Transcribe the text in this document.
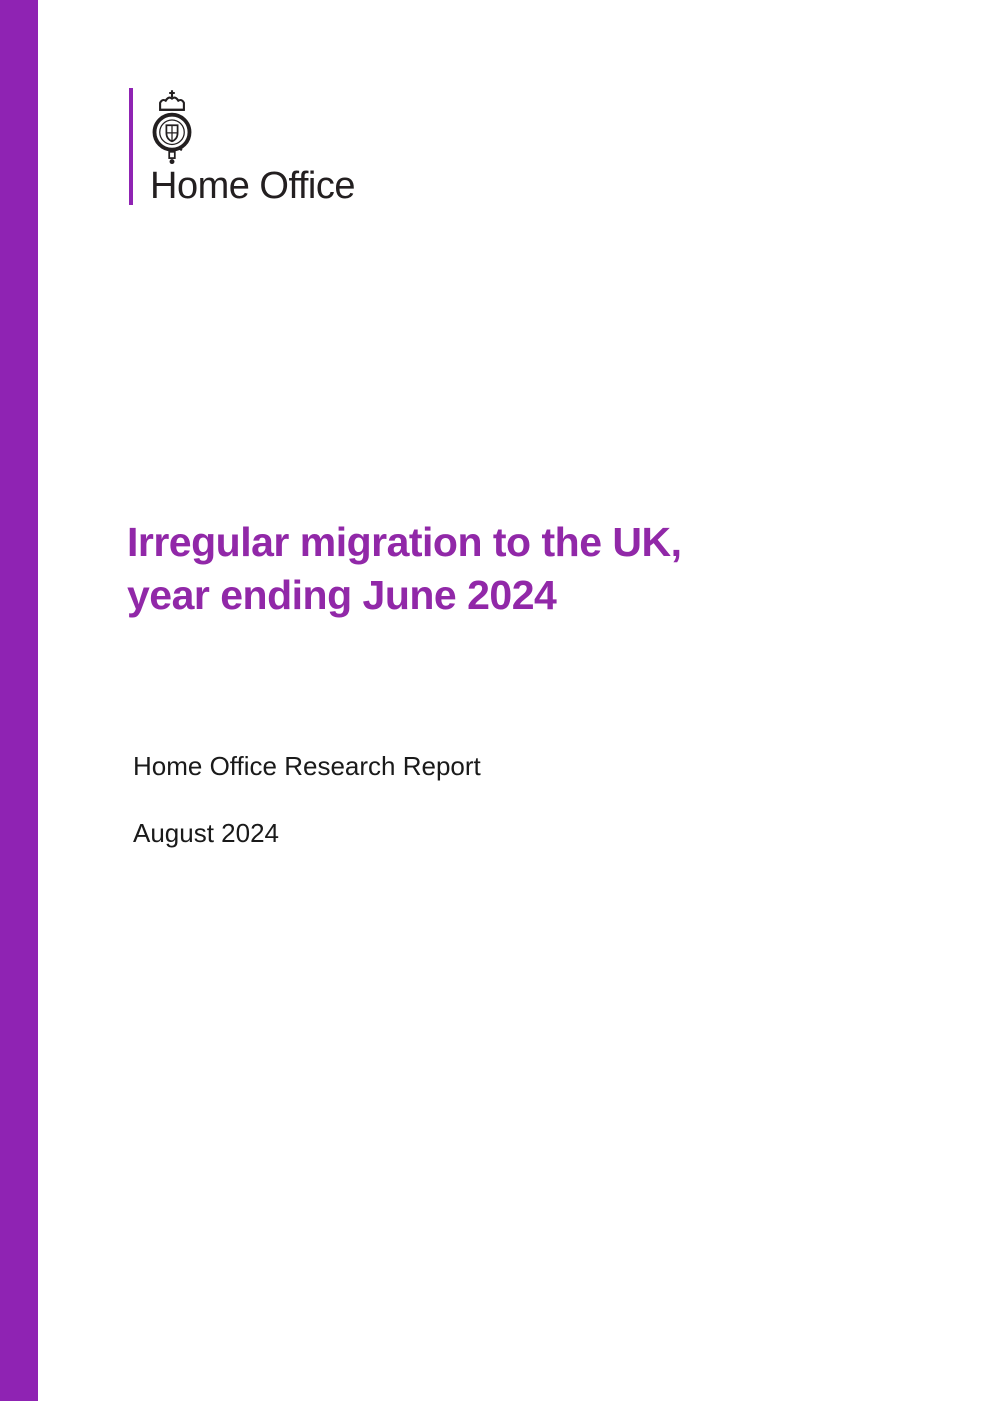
Home Office
Irregular migration to the UK,
year ending June 2024

Home Office Research Report

August 2024
